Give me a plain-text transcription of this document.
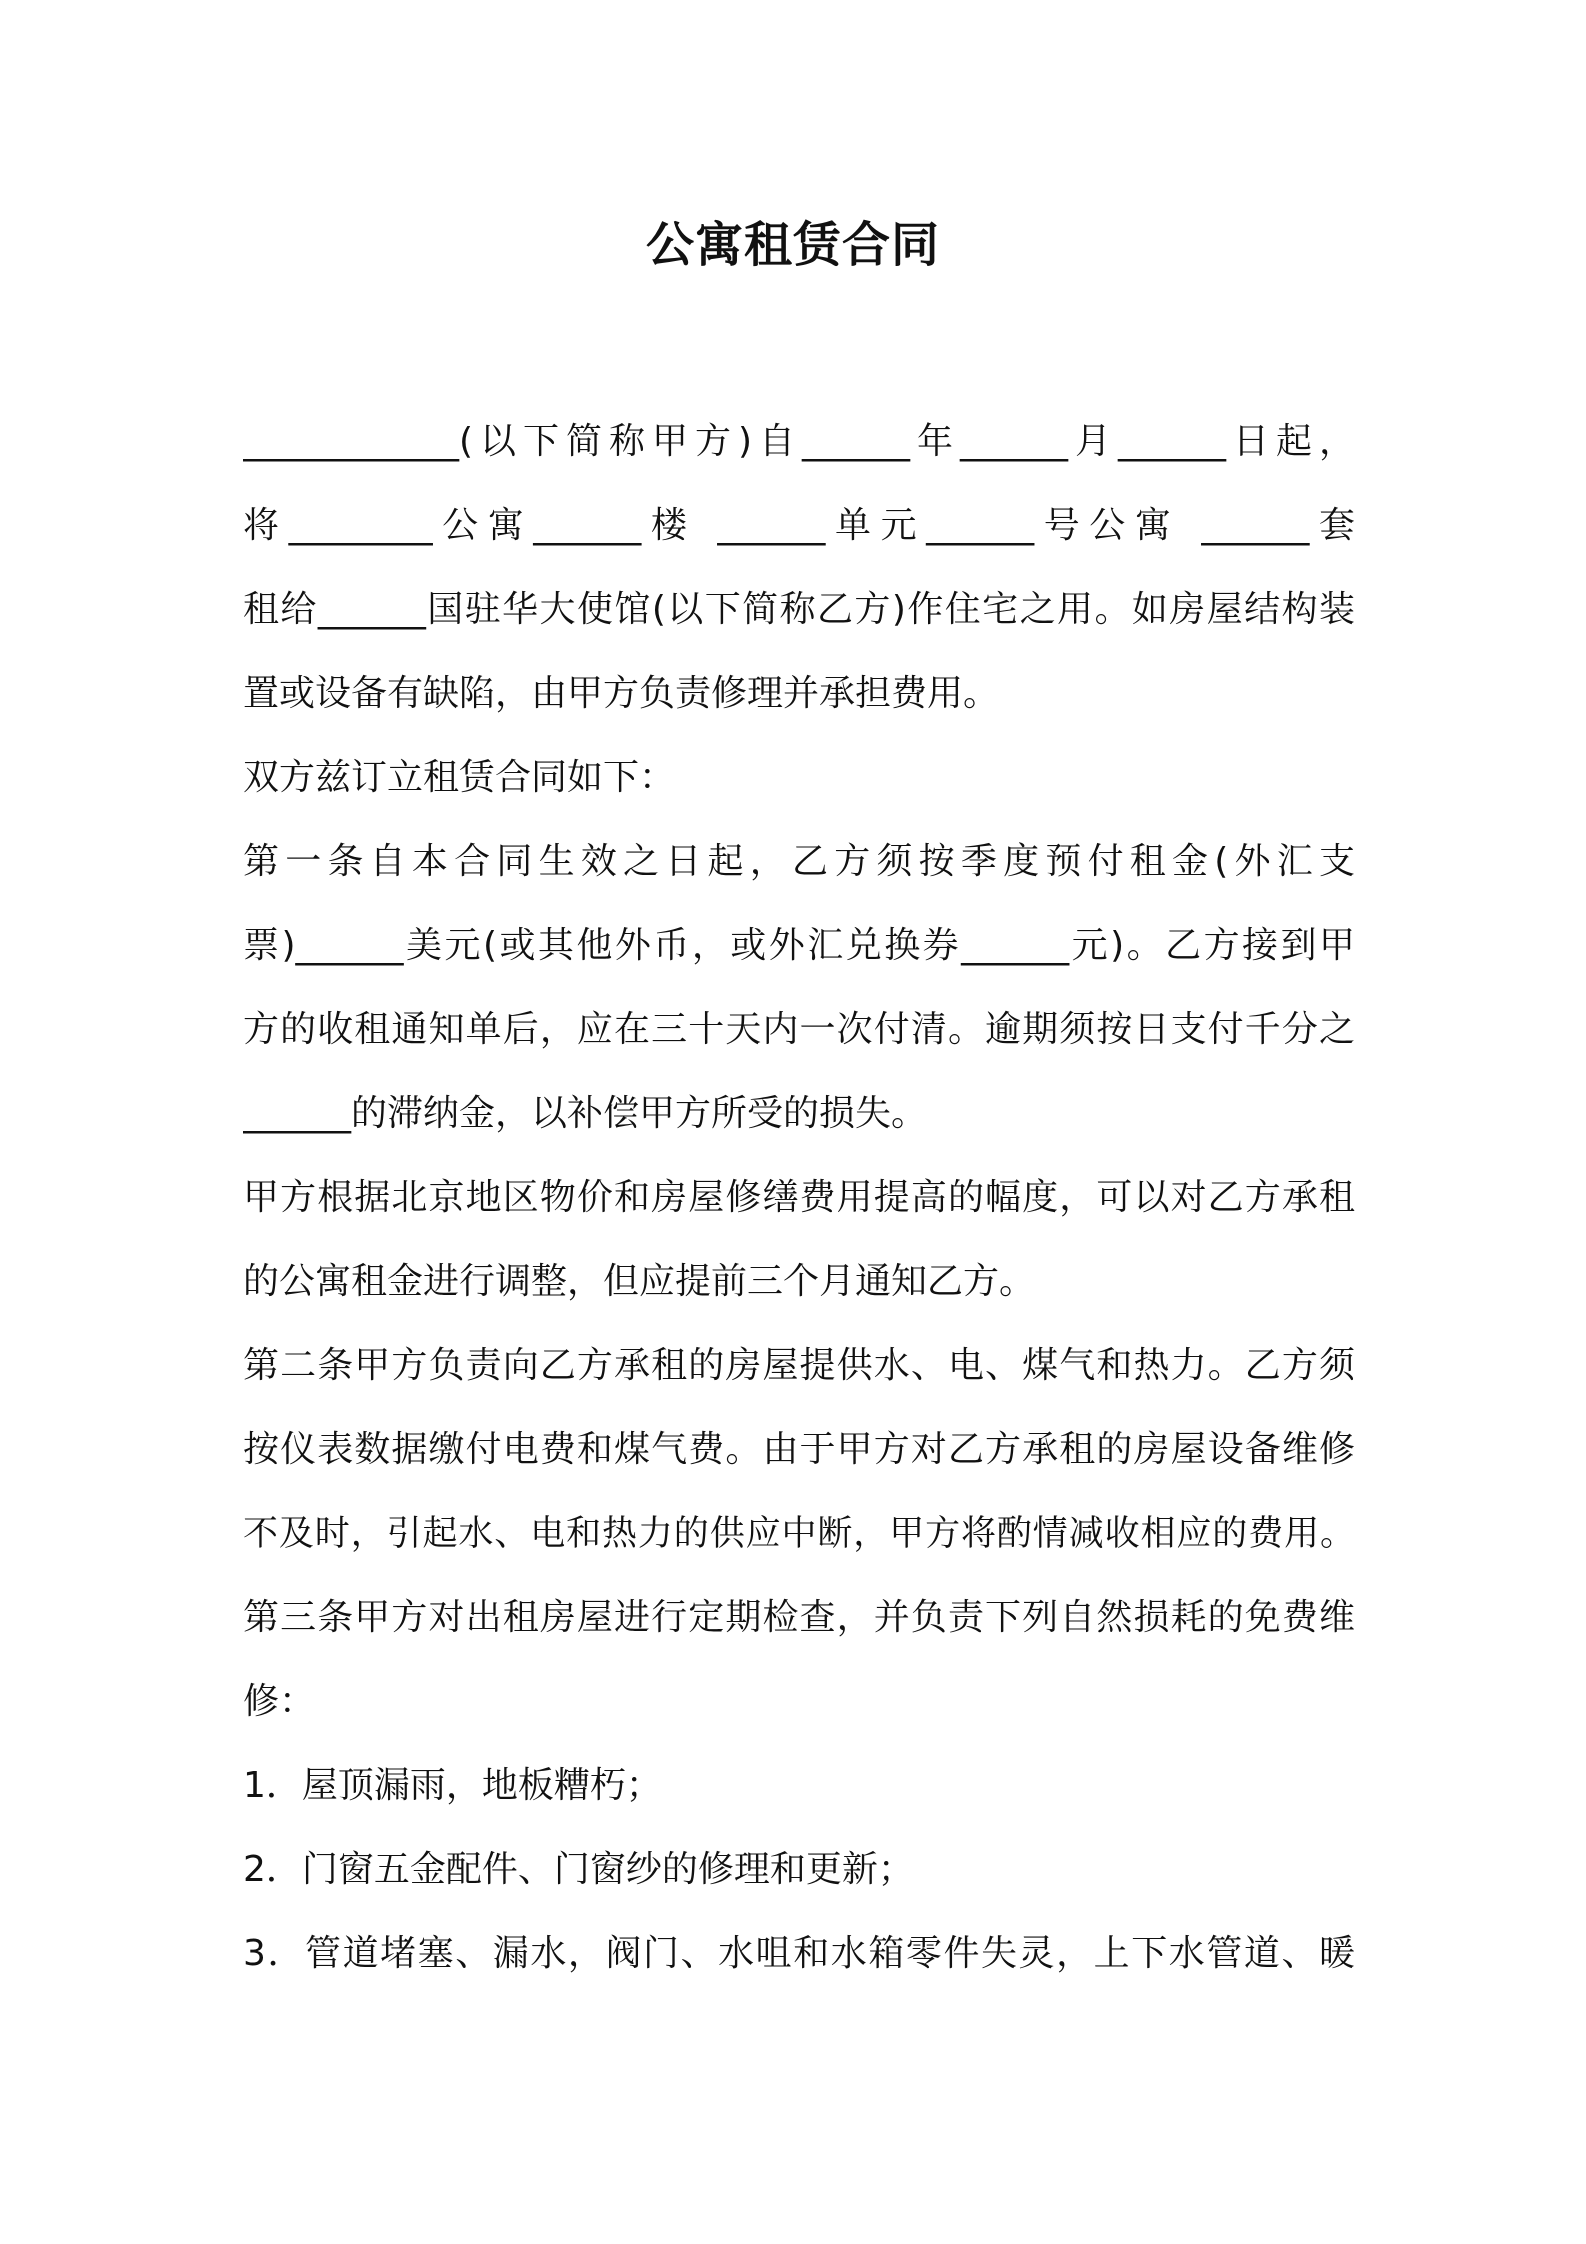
公寓租赁合同
____________(以下简称甲方)自______年______月______日起，
将________公寓______楼 ______单元______号公寓 ______套
租给______国驻华大使馆(以下简称乙方)作住宅之用。如房屋结构装
置或设备有缺陷，由甲方负责修理并承担费用。
双方兹订立租赁合同如下：
第一条自本合同生效之日起，乙方须按季度预付租金(外汇支
票)______美元(或其他外币，或外汇兑换券______元)。乙方接到甲
方的收租通知单后，应在三十天内一次付清。逾期须按日支付千分之
______的滞纳金，以补偿甲方所受的损失。
甲方根据北京地区物价和房屋修缮费用提高的幅度，可以对乙方承租
的公寓租金进行调整，但应提前三个月通知乙方。
第二条甲方负责向乙方承租的房屋提供水、电、煤气和热力。乙方须
按仪表数据缴付电费和煤气费。由于甲方对乙方承租的房屋设备维修
不及时，引起水、电和热力的供应中断，甲方将酌情减收相应的费用。
第三条甲方对出租房屋进行定期检查，并负责下列自然损耗的免费维
修：
1．屋顶漏雨，地板糟朽；
2．门窗五金配件、门窗纱的修理和更新；
3．管道堵塞、漏水，阀门、水咀和水箱零件失灵，上下水管道、暖
